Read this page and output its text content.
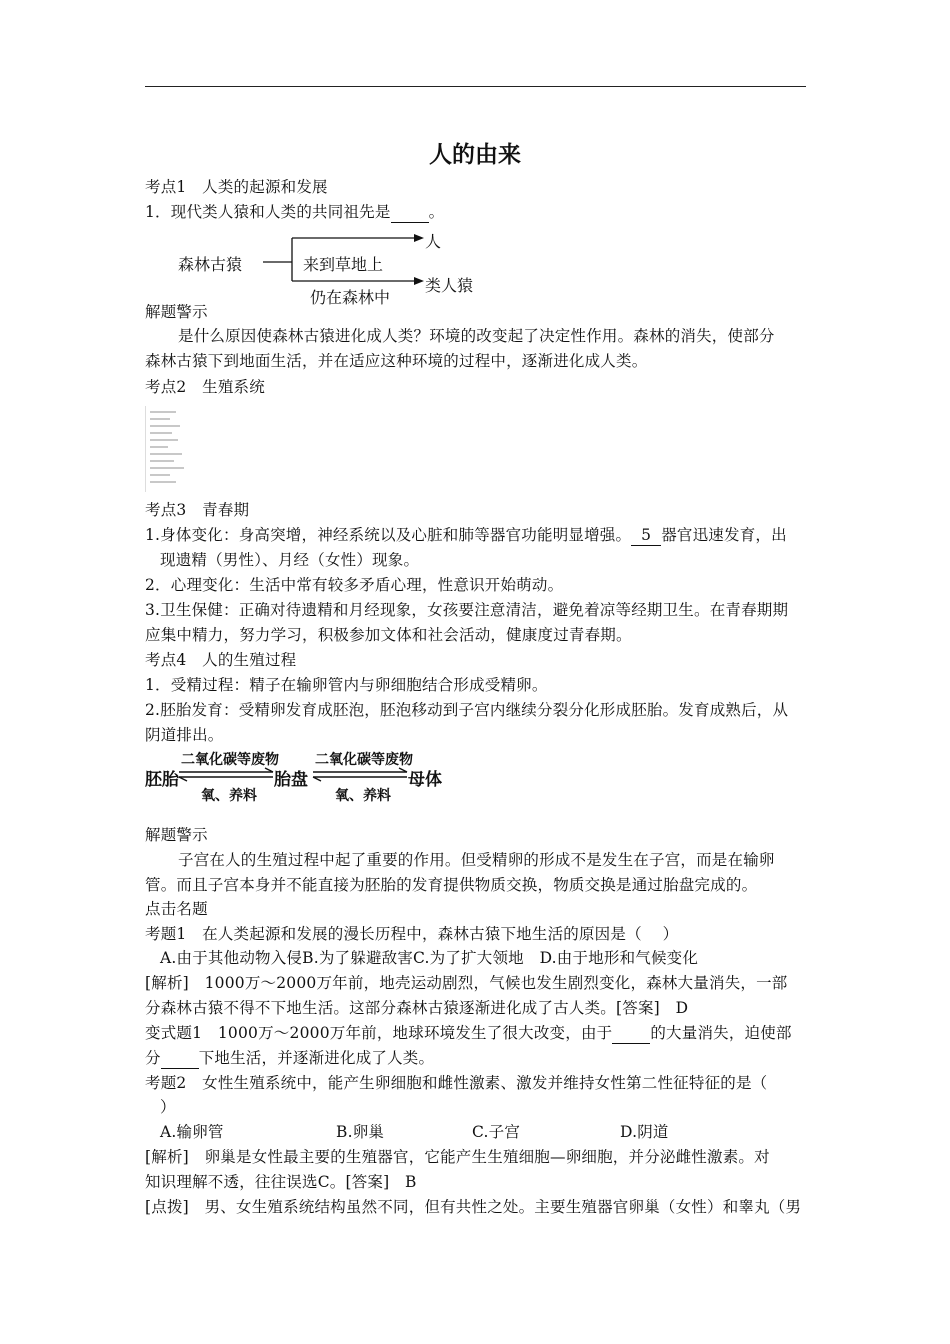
人的由来
考点1　人类的起源和发展
1．现代类人猿和人类的共同祖先是 。
森林古猿	来到草地上
人
仍在森林中
类人猿
解题警示
是什么原因使森林古猿进化成人类？环境的改变起了决定性作用。森林的消失，使部分
森林古猿下到地面生活，并在适应这种环境的过程中，逐渐进化成人类。
考点2　生殖系统
考点3　青春期
1.身体变化：身高突增，神经系统以及心脏和肺等器官功能明显增强。 5 器官迅速发育，出
现遗精（男性）、月经（女性）现象。
2．心理变化：生活中常有较多矛盾心理，性意识开始萌动。
3.卫生保健：正确对待遗精和月经现象，女孩要注意清洁，避免着凉等经期卫生。在青春期期
应集中精力，努力学习，积极参加文体和社会活动，健康度过青春期。
考点4　人的生殖过程
1．受精过程：精子在输卵管内与卵细胞结合形成受精卵。
2.胚胎发育：受精卵发育成胚泡，胚泡移动到子宫内继续分裂分化形成胚胎。发育成熟后，从
阴道排出。
胚胎	胎盘	母体
二氧化碳等废物	二氧化碳等废物
氧、养料	氧、养料
解题警示
子宫在人的生殖过程中起了重要的作用。但受精卵的形成不是发生在子宫，而是在输卵
管。而且子宫本身并不能直接为胚胎的发育提供物质交换，物质交换是通过胎盘完成的。
点击名题
考题1　在人类起源和发展的漫长历程中，森林古猿下地生活的原因是（　 ）
A.由于其他动物入侵B.为了躲避敌害C.为了扩大领地　D.由于地形和气候变化
[解析]　1000万～2000万年前，地壳运动剧烈，气候也发生剧烈变化，森林大量消失，一部
分森林古猿不得不下地生活。这部分森林古猿逐渐进化成了古人类。[答案]　D
变式题1　1000万～2000万年前，地球环境发生了很大改变，由于 的大量消失，迫使部
分 下地生活，并逐渐进化成了人类。
考题2　女性生殖系统中，能产生卵细胞和雌性激素、激发并维持女性第二性征特征的是（
）
A.输卵管	B.卵巢	C.子宫	D.阴道
[解析]　卵巢是女性最主要的生殖器官，它能产生生殖细胞—卵细胞，并分泌雌性激素。对
知识理解不透，往往误选C。[答案]　B
[点拨]　男、女生殖系统结构虽然不同，但有共性之处。主要生殖器官卵巢（女性）和睾丸（男
